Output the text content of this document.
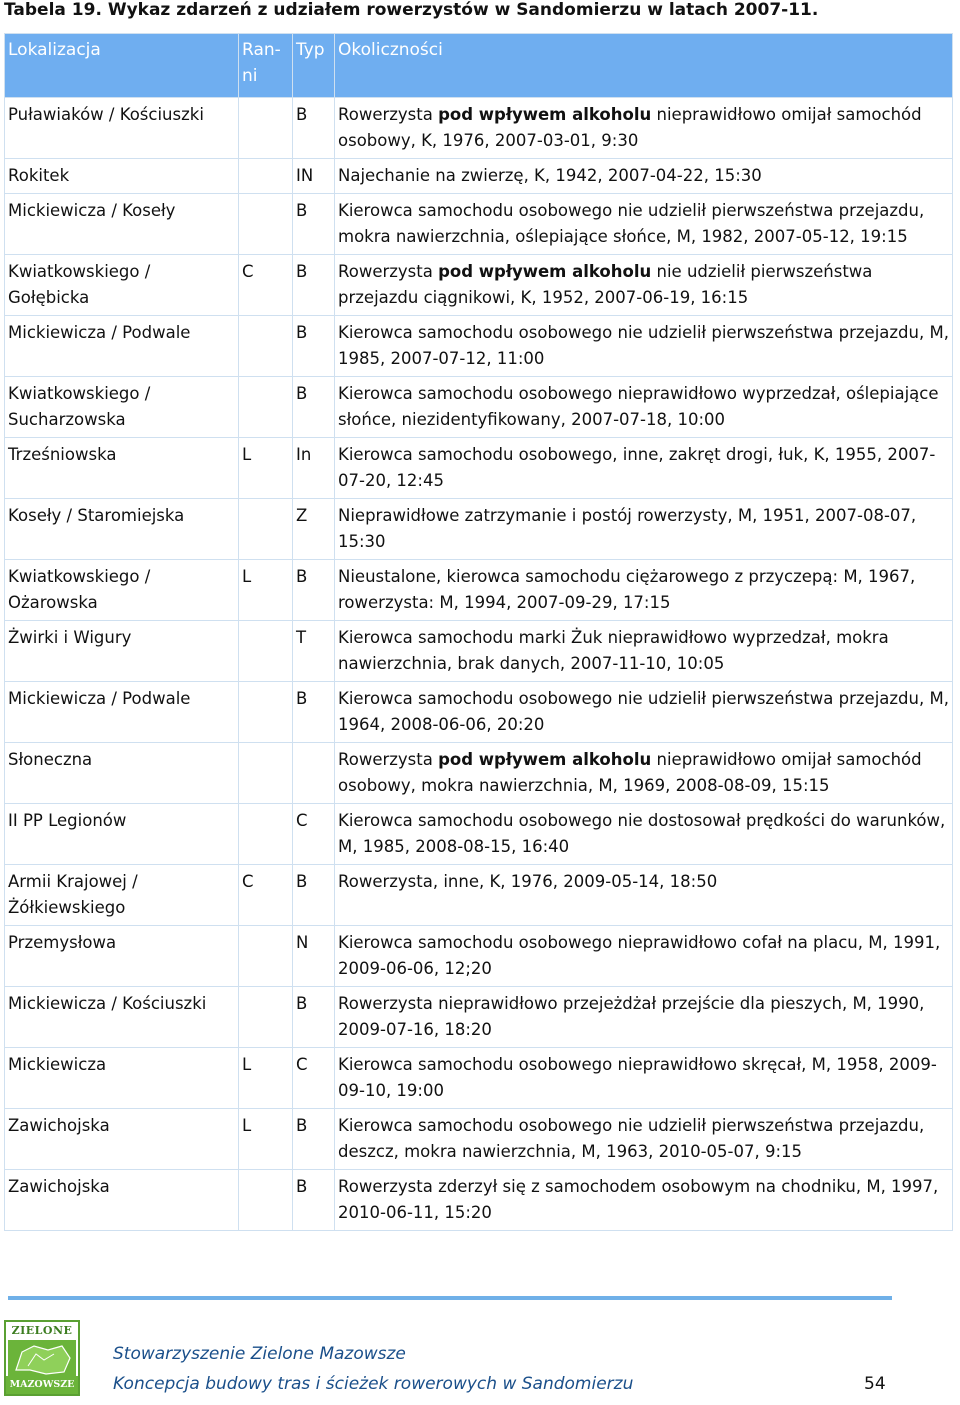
Tabela 19. Wykaz zdarzeń z udziałem rowerzystów w Sandomierzu w latach 2007-11.
Lokalizacja	Ran-ni	Typ	Okoliczności
Puławiaków / Kościuszki		B	Rowerzysta pod wpływem alkoholu nieprawidłowo omijał samochód osobowy, K, 1976, 2007-03-01, 9:30
Rokitek		IN	Najechanie na zwierzę, K, 1942, 2007-04-22, 15:30
Mickiewicza / Koseły		B	Kierowca samochodu osobowego nie udzielił pierwszeństwa przejazdu, mokra nawierzchnia, oślepiające słońce, M, 1982, 2007-05-12, 19:15
Kwiatkowskiego / Gołębicka	C	B	Rowerzysta pod wpływem alkoholu nie udzielił pierwszeństwa przejazdu ciągnikowi, K, 1952, 2007-06-19, 16:15
Mickiewicza / Podwale		B	Kierowca samochodu osobowego nie udzielił pierwszeństwa przejazdu, M, 1985, 2007-07-12, 11:00
Kwiatkowskiego / Sucharzowska		B	Kierowca samochodu osobowego nieprawidłowo wyprzedzał, oślepiające słońce, niezidentyfikowany, 2007-07-18, 10:00
Trześniowska	L	In	Kierowca samochodu osobowego, inne, zakręt drogi, łuk, K, 1955, 2007-07-20, 12:45
Koseły / Staromiejska		Z	Nieprawidłowe zatrzymanie i postój rowerzysty, M, 1951, 2007-08-07, 15:30
Kwiatkowskiego / Ożarowska	L	B	Nieustalone, kierowca samochodu ciężarowego z przyczepą: M, 1967, rowerzysta: M, 1994, 2007-09-29, 17:15
Żwirki i Wigury		T	Kierowca samochodu marki Żuk nieprawidłowo wyprzedzał, mokra nawierzchnia, brak danych, 2007-11-10, 10:05
Mickiewicza / Podwale		B	Kierowca samochodu osobowego nie udzielił pierwszeństwa przejazdu, M, 1964, 2008-06-06, 20:20
Słoneczna			Rowerzysta pod wpływem alkoholu nieprawidłowo omijał samochód osobowy, mokra nawierzchnia, M, 1969, 2008-08-09, 15:15
II PP Legionów		C	Kierowca samochodu osobowego nie dostosował prędkości do warunków, M, 1985, 2008-08-15, 16:40
Armii Krajowej / Żółkiewskiego	C	B	Rowerzysta, inne, K, 1976, 2009-05-14, 18:50
Przemysłowa		N	Kierowca samochodu osobowego nieprawidłowo cofał na placu, M, 1991, 2009-06-06, 12;20
Mickiewicza / Kościuszki		B	Rowerzysta nieprawidłowo przejeżdżał przejście dla pieszych, M, 1990, 2009-07-16, 18:20
Mickiewicza	L	C	Kierowca samochodu osobowego nieprawidłowo skręcał, M, 1958, 2009-09-10, 19:00
Zawichojska	L	B	Kierowca samochodu osobowego nie udzielił pierwszeństwa przejazdu, deszcz, mokra nawierzchnia, M, 1963, 2010-05-07, 9:15
Zawichojska		B	Rowerzysta zderzył się z samochodem osobowym na chodniku, M, 1997, 2010-06-11, 15:20
ZIELONE
MAZOWSZE
Stowarzyszenie Zielone Mazowsze
Koncepcja budowy tras i ścieżek rowerowych w Sandomierzu	54
